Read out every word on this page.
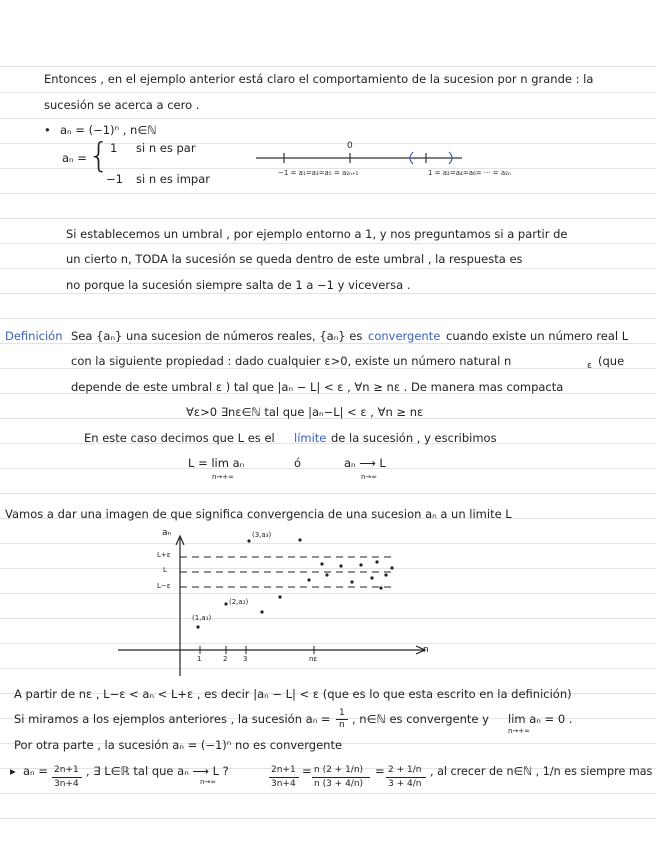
Entonces , en el ejemplo anterior está claro el comportamiento de la sucesion por n grande : la
sucesión se acerca a cero .
• aₙ = (−1)ⁿ , n∈ℕ
aₙ = { 1 si n es par
−1 si n es impar
0
−1 = a₁=a₃=a₅ = a₂ₙ₊₁	1 = a₂=a₄=a₆= ··· = a₂ₙ
Si establecemos un umbral , por ejemplo entorno a 1, y nos preguntamos si a partir de
un cierto n, TODA la sucesión se queda dentro de este umbral , la respuesta es
no porque la sucesión siempre salta de 1 a −1 y viceversa .
Definición Sea {aₙ} una sucesion de números reales, {aₙ} es convergente cuando existe un número real L
con la siguiente propiedad : dado cualquier ε>0, existe un número natural n	ε (que
depende de este umbral ε ) tal que |aₙ − L| < ε , ∀n ≥ nε . De manera mas compacta
∀ε>0 ∃nε∈ℕ tal que |aₙ−L| < ε , ∀n ≥ nε
En este caso decimos que L es el límite de la sucesión , y escribimos
L = lim aₙ
n→+∞
ó	aₙ ⟶ L
n→∞
Vamos a dar una imagen de que significa convergencia de una sucesion aₙ a un limite L
aₙ
n
L+ε
L
L−ε
1	2 3	nε
(3,a₃)
(2,a₂)
(1,a₁)
A partir de nε , L−ε < aₙ < L+ε , es decir |aₙ − L| < ε (que es lo que esta escrito en la definición)
Si miramos a los ejemplos anteriores , la sucesión aₙ = 1
n , n∈ℕ es convergente y lim aₙ = 0 .
n→+∞
Por otra parte , la sucesión aₙ = (−1)ⁿ no es convergente
▸ aₙ = 2n+1
3n+4
, ∃ L∈ℝ tal que aₙ ⟶ L ?
n→∞
2n+1
3n+4
= n (2 + 1/n)
n (3 + 4/n)
= 2 + 1/n
3 + 4/n
, al crecer de n∈ℕ , 1/n es siempre mas
